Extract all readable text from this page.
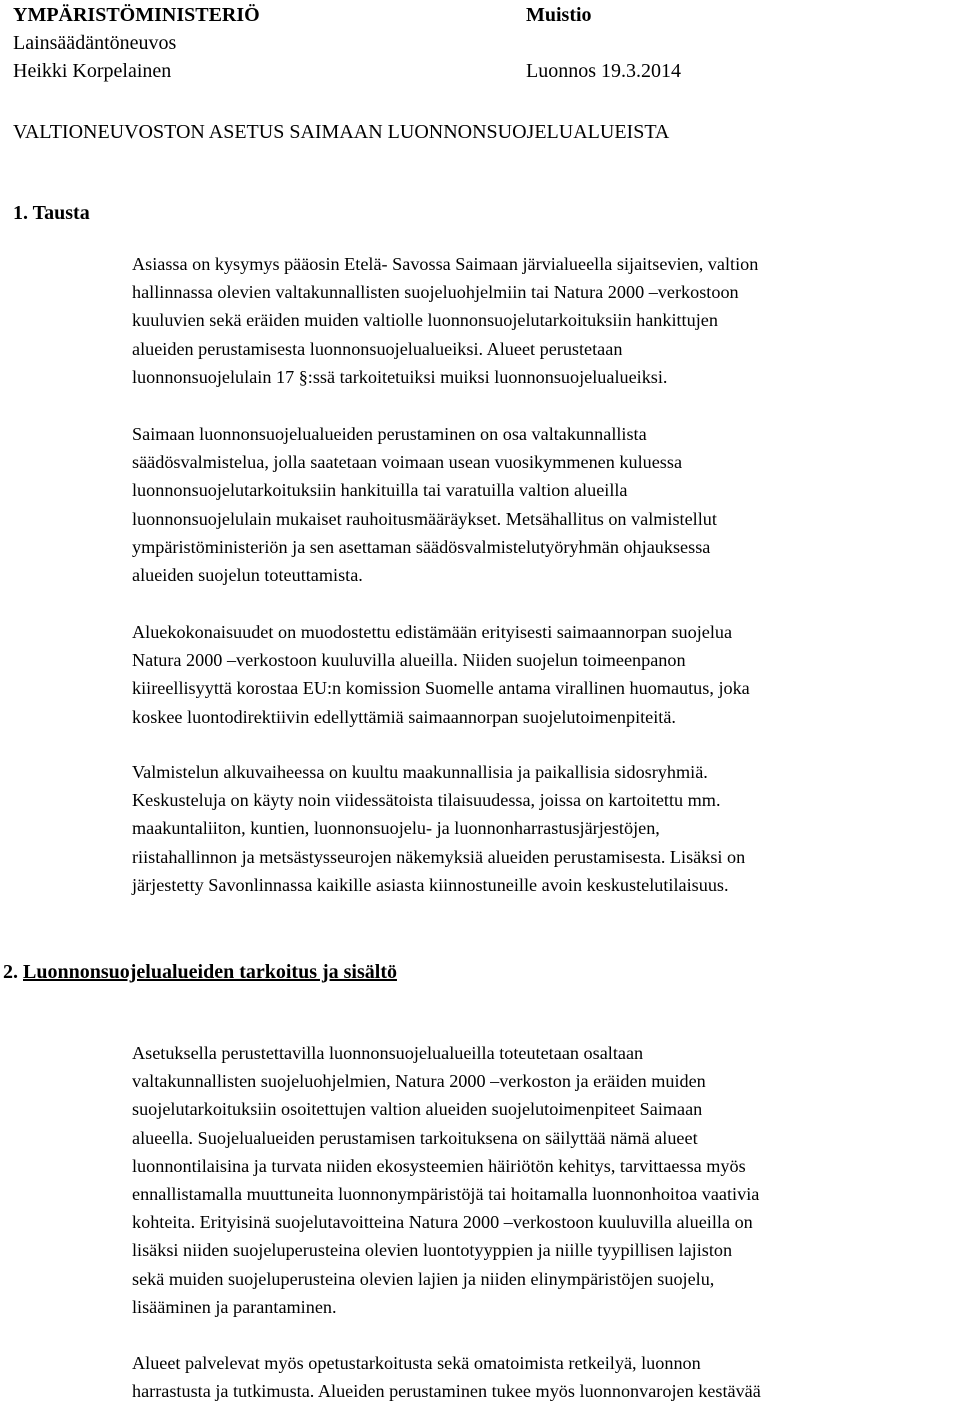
YMPÄRISTÖMINISTERIÖ
Lainsäädäntöneuvos
Heikki Korpelainen
Muistio
Luonnos 19.3.2014
VALTIONEUVOSTON ASETUS SAIMAAN LUONNONSUOJELUALUEISTA
1. Tausta

Asiassa on kysymys pääosin Etelä- Savossa Saimaan järvialueella sijaitsevien, valtion
hallinnassa olevien valtakunnallisten suojeluohjelmiin tai Natura 2000 –verkostoon
kuuluvien sekä eräiden muiden valtiolle luonnonsuojelutarkoituksiin hankittujen
alueiden perustamisesta luonnonsuojelualueiksi. Alueet perustetaan
luonnonsuojelulain 17 §:ssä tarkoitetuiksi muiksi luonnonsuojelualueiksi.

Saimaan luonnonsuojelualueiden perustaminen on osa valtakunnallista
säädösvalmistelua, jolla saatetaan voimaan usean vuosikymmenen kuluessa
luonnonsuojelutarkoituksiin hankituilla tai varatuilla valtion alueilla
luonnonsuojelulain mukaiset rauhoitusmääräykset. Metsähallitus on valmistellut
ympäristöministeriön ja sen asettaman säädösvalmistelutyöryhmän ohjauksessa
alueiden suojelun toteuttamista.

Aluekokonaisuudet on muodostettu edistämään erityisesti saimaannorpan suojelua
Natura 2000 –verkostoon kuuluvilla alueilla. Niiden suojelun toimeenpanon
kiireellisyyttä korostaa EU:n komission Suomelle antama virallinen huomautus, joka
koskee luontodirektiivin edellyttämiä saimaannorpan suojelutoimenpiteitä.

Valmistelun alkuvaiheessa on kuultu maakunnallisia ja paikallisia sidosryhmiä.
Keskusteluja on käyty noin viidessätoista tilaisuudessa, joissa on kartoitettu mm.
maakuntaliiton, kuntien, luonnonsuojelu- ja luonnonharrastusjärjestöjen,
riistahallinnon ja metsästysseurojen näkemyksiä alueiden perustamisesta. Lisäksi on
järjestetty Savonlinnassa kaikille asiasta kiinnostuneille avoin keskustelutilaisuus.

2. Luonnonsuojelualueiden tarkoitus ja sisältö

Asetuksella perustettavilla luonnonsuojelualueilla toteutetaan osaltaan
valtakunnallisten suojeluohjelmien, Natura 2000 –verkoston ja eräiden muiden
suojelutarkoituksiin osoitettujen valtion alueiden suojelutoimenpiteet Saimaan
alueella. Suojelualueiden perustamisen tarkoituksena on säilyttää nämä alueet
luonnontilaisina ja turvata niiden ekosysteemien häiriötön kehitys, tarvittaessa myös
ennallistamalla muuttuneita luonnonympäristöjä tai hoitamalla luonnonhoitoa vaativia
kohteita. Erityisinä suojelutavoitteina Natura 2000 –verkostoon kuuluvilla alueilla on
lisäksi niiden suojeluperusteina olevien luontotyyppien ja niille tyypillisen lajiston
sekä muiden suojeluperusteina olevien lajien ja niiden elinympäristöjen suojelu,
lisääminen ja parantaminen.

Alueet palvelevat myös opetustarkoitusta sekä omatoimista retkeilyä, luonnon
harrastusta ja tutkimusta. Alueiden perustaminen tukee myös luonnonvarojen kestävää
